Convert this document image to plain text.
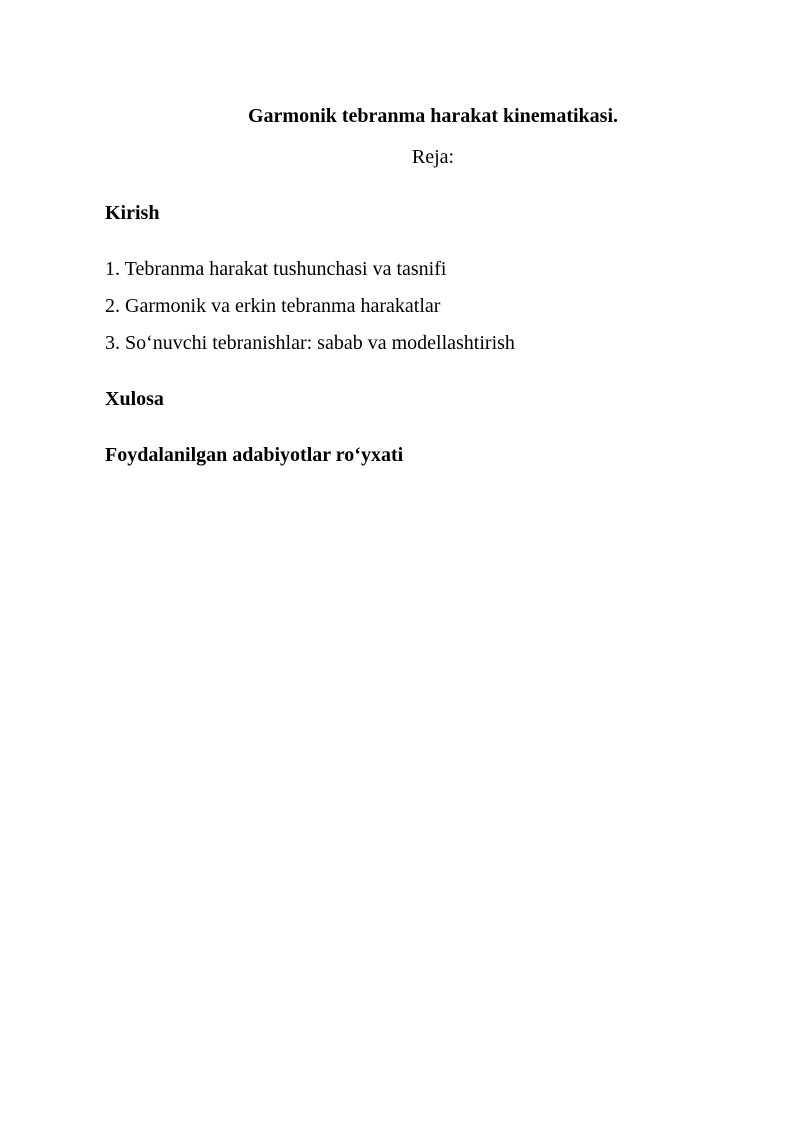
Garmonik tebranma harakat kinematikasi.
Reja:
Kirish
1. Tebranma harakat tushunchasi va tasnifi
2. Garmonik va erkin tebranma harakatlar
3. So‘nuvchi tebranishlar: sabab va modellashtirish
Xulosa
Foydalanilgan adabiyotlar ro‘yxati
